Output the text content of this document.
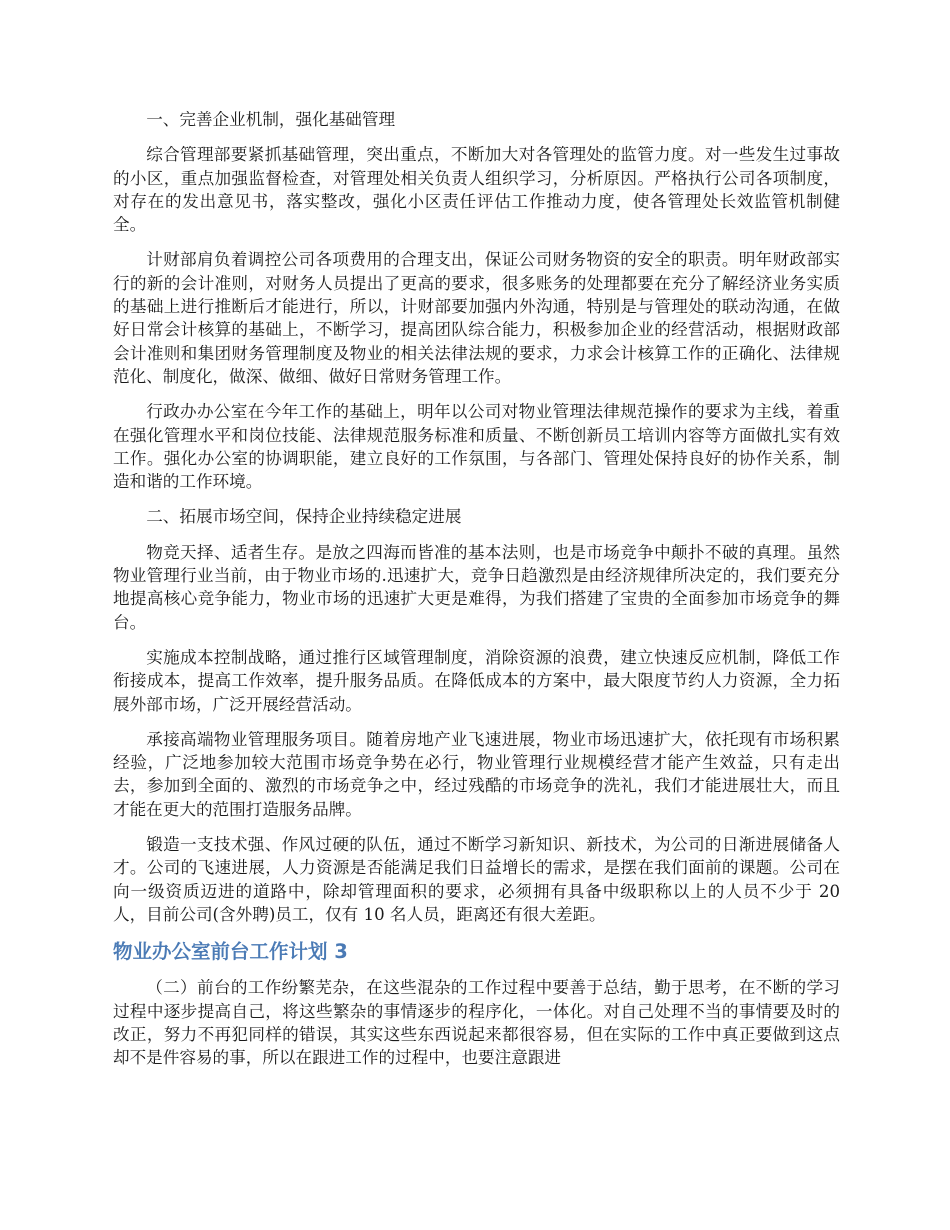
一、完善企业机制，强化基础管理

综合管理部要紧抓基础管理，突出重点，不断加大对各管理处的监管力度。对一些发生过事故的小区，重点加强监督检查，对管理处相关负责人组织学习，分析原因。严格执行公司各项制度，对存在的发出意见书，落实整改，强化小区责任评估工作推动力度，使各管理处长效监管机制健全。

计财部肩负着调控公司各项费用的合理支出，保证公司财务物资的安全的职责。明年财政部实行的新的会计准则，对财务人员提出了更高的要求，很多账务的处理都要在充分了解经济业务实质的基础上进行推断后才能进行，所以，计财部要加强内外沟通，特别是与管理处的联动沟通，在做好日常会计核算的基础上，不断学习，提高团队综合能力，积极参加企业的经营活动，根据财政部会计准则和集团财务管理制度及物业的相关法律法规的要求，力求会计核算工作的正确化、法律规范化、制度化，做深、做细、做好日常财务管理工作。

行政办办公室在今年工作的基础上，明年以公司对物业管理法律规范操作的要求为主线，着重在强化管理水平和岗位技能、法律规范服务标准和质量、不断创新员工培训内容等方面做扎实有效工作。强化办公室的协调职能，建立良好的工作氛围，与各部门、管理处保持良好的协作关系，制造和谐的工作环境。

二、拓展市场空间，保持企业持续稳定进展

物竞天择、适者生存。是放之四海而皆准的基本法则，也是市场竞争中颠扑不破的真理。虽然物业管理行业当前，由于物业市场的.迅速扩大，竞争日趋激烈是由经济规律所决定的，我们要充分地提高核心竞争能力，物业市场的迅速扩大更是难得，为我们搭建了宝贵的全面参加市场竞争的舞台。

实施成本控制战略，通过推行区域管理制度，消除资源的浪费，建立快速反应机制，降低工作衔接成本，提高工作效率，提升服务品质。在降低成本的方案中，最大限度节约人力资源，全力拓展外部市场，广泛开展经营活动。

承接高端物业管理服务项目。随着房地产业飞速进展，物业市场迅速扩大，依托现有市场积累经验，广泛地参加较大范围市场竞争势在必行，物业管理行业规模经营才能产生效益，只有走出去，参加到全面的、激烈的市场竞争之中，经过残酷的市场竞争的洗礼，我们才能进展壮大，而且才能在更大的范围打造服务品牌。

锻造一支技术强、作风过硬的队伍，通过不断学习新知识、新技术，为公司的日渐进展储备人才。公司的飞速进展，人力资源是否能满足我们日益增长的需求，是摆在我们面前的课题。公司在向一级资质迈进的道路中，除却管理面积的要求，必须拥有具备中级职称以上的人员不少于 20 人，目前公司(含外聘)员工，仅有 10 名人员，距离还有很大差距。

物业办公室前台工作计划 3

（二）前台的工作纷繁芜杂，在这些混杂的工作过程中要善于总结，勤于思考，在不断的学习过程中逐步提高自己，将这些繁杂的事情逐步的程序化，一体化。对自己处理不当的事情要及时的改正，努力不再犯同样的错误，其实这些东西说起来都很容易，但在实际的工作中真正要做到这点却不是件容易的事，所以在跟进工作的过程中，也要注意跟进
